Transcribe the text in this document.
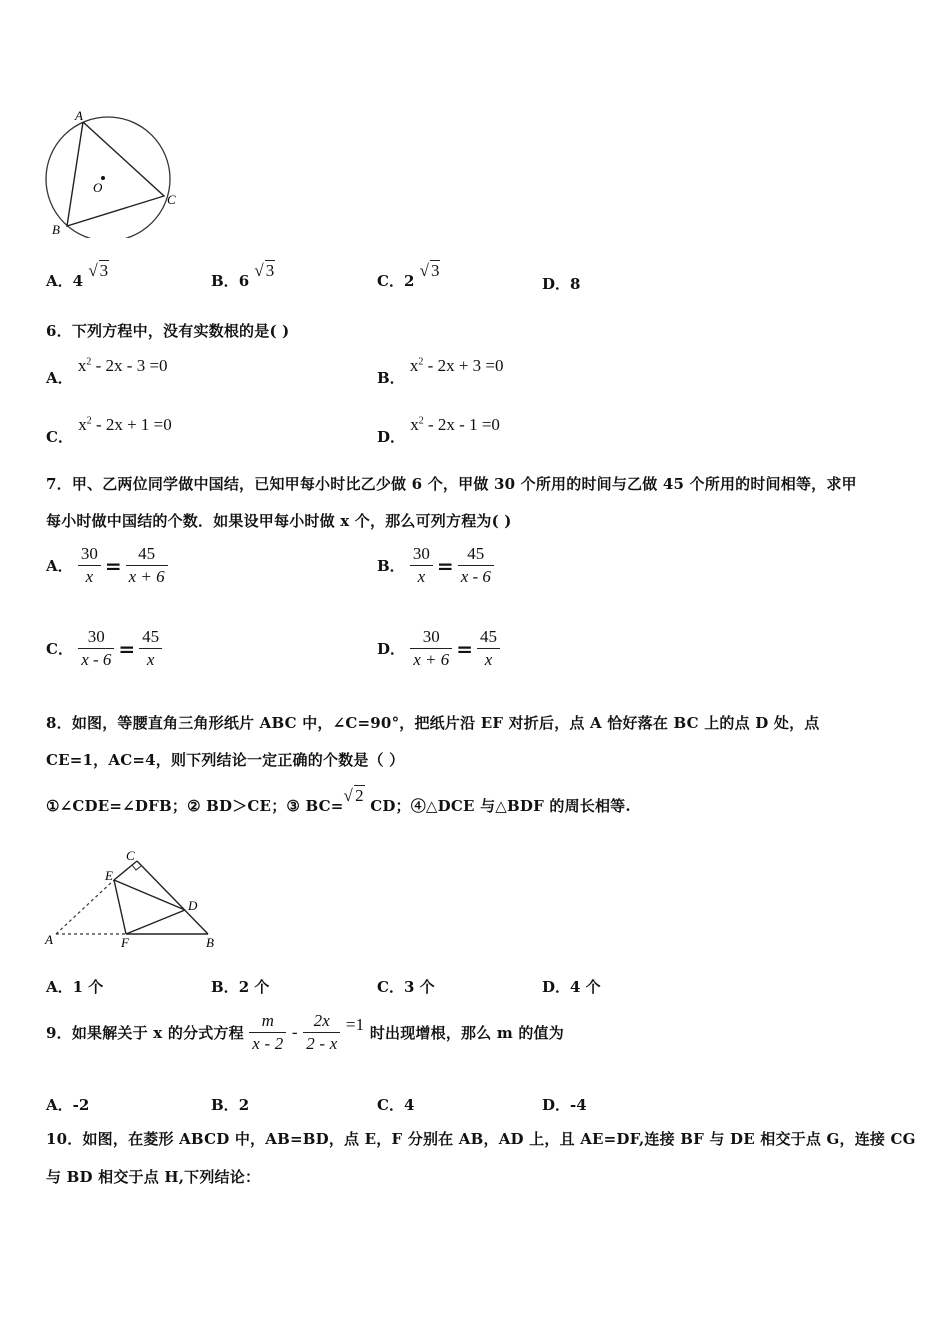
A
B
C
O
A．4 √ 3
B．6 √ 3
C．2 √ 3
D．8
6．下列方程中，没有实数根的是( )
A． $x^2 - 2x - 3 =0$
B． $x^2 - 2x + 3 =0$
C． $x^2 - 2x + 1 =0$
D． $x^2 - 2x - 1 =0$
7．甲、乙两位同学做中国结，已知甲每小时比乙少做 6 个，甲做 30 个所用的时间与乙做 45 个所用的时间相等，求甲
每小时做中国结的个数．如果设甲每小时做 x 个，那么可列方程为( )
A． $\frac{30}{x} = \frac{45}{x + 6}$	B． $\frac{30}{x} = \frac{45}{x - 6}$
C． $\frac{30}{x - 6} = \frac{45}{x}$	D． $\frac{30}{x + 6} = \frac{45}{x}$
8．如图，等腰直角三角形纸片 ABC 中，∠C=90°，把纸片沿 EF 对折后，点 A 恰好落在 BC 上的点 D 处，点
CE=1，AC=4，则下列结论一定正确的个数是（ ）
①∠CDE=∠DFB；② BD＞CE；③ BC=√ 2 CD；④△DCE 与△BDF 的周长相等.
C
E
D
A	F	B
A．1 个	B．2 个	C．3 个	D．4 个
9．如果解关于 x 的分式方程 $\frac{m}{x - 2} - \frac{2x}{2 - x} =1$ 时出现增根，那么 m 的值为
A．-2	B．2	C．4	D．-4
10．如图，在菱形 ABCD 中，AB=BD，点 E，F 分别在 AB，AD 上，且 AE=DF,连接 BF 与 DE 相交于点 G，连接 CG
与 BD 相交于点 H,下列结论：
